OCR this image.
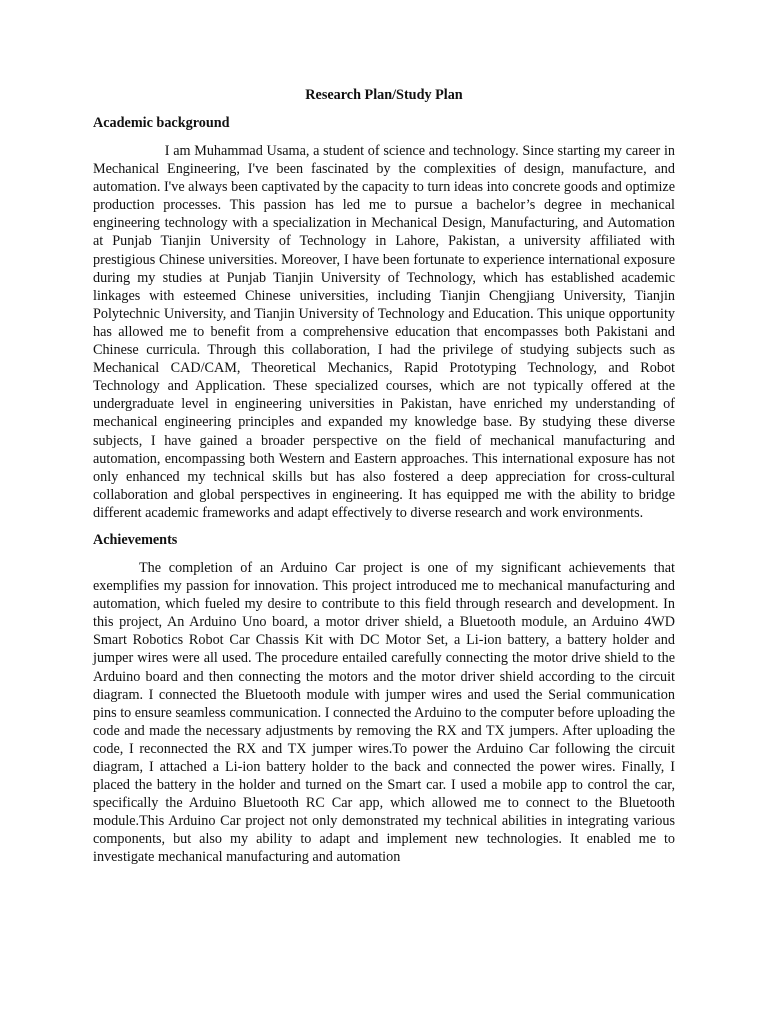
Research Plan/Study Plan
Academic background

   I am Muhammad Usama, a student of science and technology. Since starting my career in Mechanical Engineering, I've been fascinated by the complexities of design, manufacture, and automation. I've always been captivated by the capacity to turn ideas into concrete goods and optimize production processes. This passion has led me to pursue a bachelor’s degree in mechanical engineering technology with a specialization in Mechanical Design, Manufacturing, and Automation at Punjab Tianjin University of Technology in Lahore, Pakistan, a university affiliated with prestigious Chinese universities. Moreover, I have been fortunate to experience international exposure during my studies at Punjab Tianjin University of Technology, which has established academic linkages with esteemed Chinese universities, including Tianjin Chengjiang University, Tianjin Polytechnic University, and Tianjin University of Technology and Education. This unique opportunity has allowed me to benefit from a comprehensive education that encompasses both Pakistani and Chinese curricula. Through this collaboration, I had the privilege of studying subjects such as Mechanical CAD/CAM, Theoretical Mechanics, Rapid Prototyping Technology, and Robot Technology and Application. These specialized courses, which are not typically offered at the undergraduate level in engineering universities in Pakistan, have enriched my understanding of mechanical engineering principles and expanded my knowledge base. By studying these diverse subjects, I have gained a broader perspective on the field of mechanical manufacturing and automation, encompassing both Western and Eastern approaches. This international exposure has not only enhanced my technical skills but has also fostered a deep appreciation for cross-cultural collaboration and global perspectives in engineering. It has equipped me with the ability to bridge different academic frameworks and adapt effectively to diverse research and work environments.

Achievements

The completion of an Arduino Car project is one of my significant achievements that exemplifies my passion for innovation. This project introduced me to mechanical manufacturing and automation, which fueled my desire to contribute to this field through research and development. In this project, An Arduino Uno board, a motor driver shield, a Bluetooth module, an Arduino 4WD Smart Robotics Robot Car Chassis Kit with DC Motor Set, a Li-ion battery, a battery holder and jumper wires were all used. The procedure entailed carefully connecting the motor drive shield to the Arduino board and then connecting the motors and the motor driver shield according to the circuit diagram. I connected the Bluetooth module with jumper wires and used the Serial communication pins to ensure seamless communication. I connected the Arduino to the computer before uploading the code and made the necessary adjustments by removing the RX and TX jumpers. After uploading the code, I reconnected the RX and TX jumper wires.To power the Arduino Car following the circuit diagram, I attached a Li-ion battery holder to the back and connected the power wires. Finally, I placed the battery in the holder and turned on the Smart car. I used a mobile app to control the car, specifically the Arduino Bluetooth RC Car app, which allowed me to connect to the Bluetooth module.This Arduino Car project not only demonstrated my technical abilities in integrating various components, but also my ability to adapt and implement new technologies. It enabled me to investigate mechanical manufacturing and automation
